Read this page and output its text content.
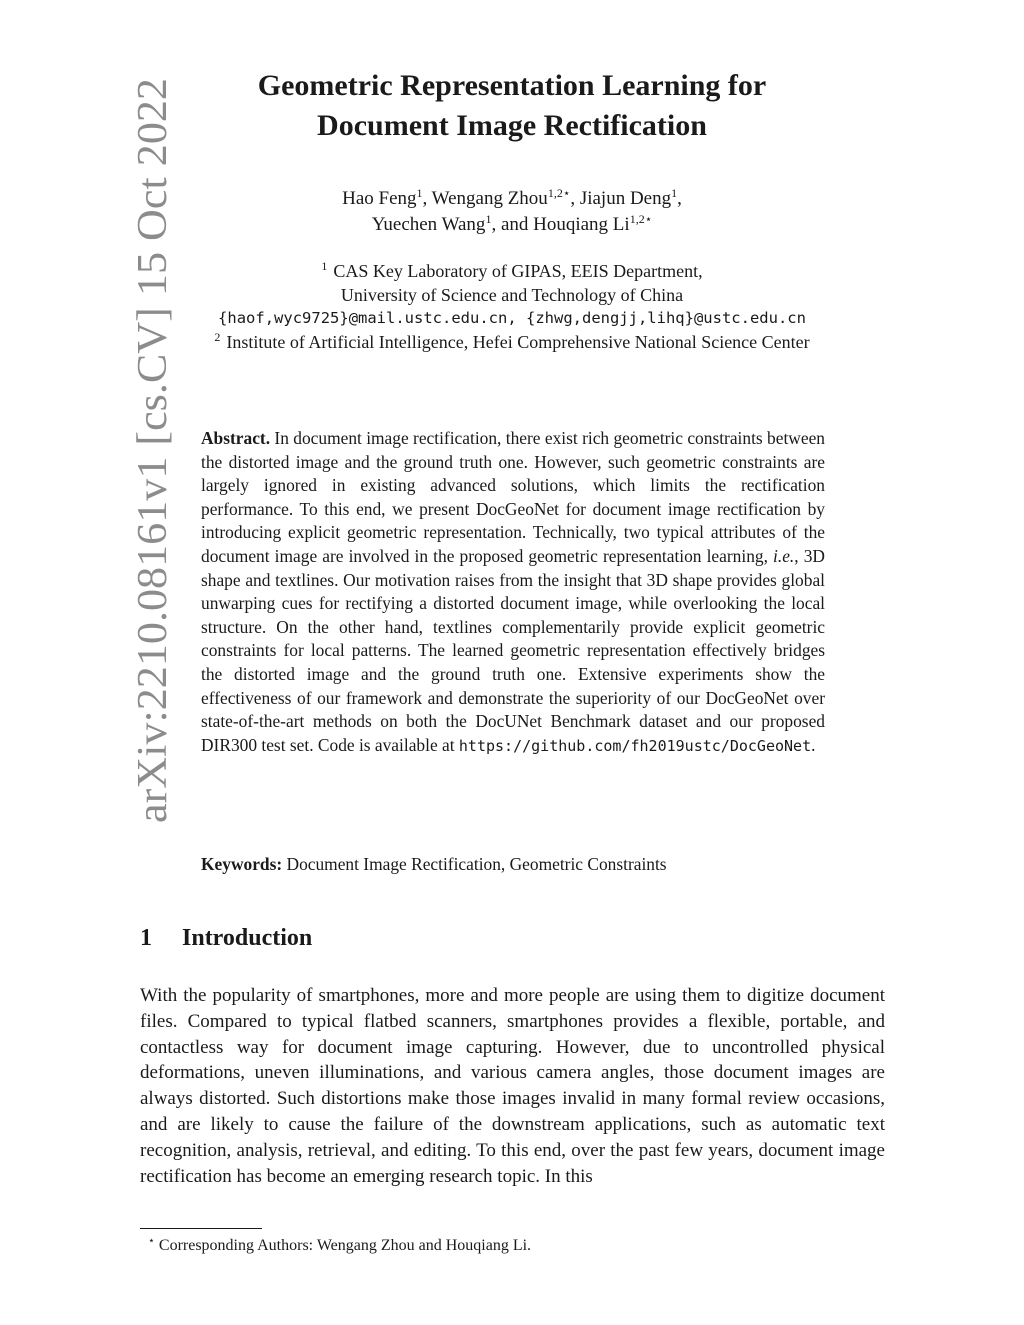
arXiv:2210.08161v1 [cs.CV] 15 Oct 2022
Geometric Representation Learning for
Document Image Rectification
Hao Feng$^1$, Wengang Zhou$^{1,2⋆}$, Jiajun Deng$^1$,
Yuechen Wang$^1$, and Houqiang $Li^{1,2⋆}$
$^1$ CAS Key Laboratory of GIPAS, EEIS Department,
University of Science and Technology of China
{haof,wyc9725}@mail.ustc.edu.cn, {zhwg,dengjj,lihq}@ustc.edu.cn
$^2$ Institute of Artificial Intelligence, Hefei Comprehensive National Science Center
Abstract. In document image rectification, there exist rich geometric constraints between the distorted image and the ground truth one. However, such geometric constraints are largely ignored in existing advanced solutions, which limits the rectification performance. To this end, we present DocGeoNet for document image rectification by introducing explicit geometric representation. Technically, two typical attributes of the document image are involved in the proposed geometric representation learning, i.e., 3D shape and textlines. Our motivation raises from the insight that 3D shape provides global unwarping cues for rectifying a distorted document image, while overlooking the local structure. On the other hand, textlines complementarily provide explicit geometric constraints for local patterns. The learned geometric representation effectively bridges the distorted image and the ground truth one. Extensive experiments show the effectiveness of our framework and demonstrate the superiority of our DocGeoNet over state-of-the-art methods on both the DocUNet Benchmark dataset and our proposed DIR300 test set. Code is available at https://github.com/fh2019ustc/DocGeoNet.
Keywords: Document Image Rectification, Geometric Constraints
1 Introduction

With the popularity of smartphones, more and more people are using them to digitize document files. Compared to typical flatbed scanners, smartphones provides a flexible, portable, and contactless way for document image capturing. However, due to uncontrolled physical deformations, uneven illuminations, and various camera angles, those document images are always distorted. Such distortions make those images invalid in many formal review occasions, and are likely to cause the failure of the downstream applications, such as automatic text recognition, analysis, retrieval, and editing. To this end, over the past few years, document image rectification has become an emerging research topic. In this

⋆ Corresponding Authors: Wengang Zhou and Houqiang Li.
